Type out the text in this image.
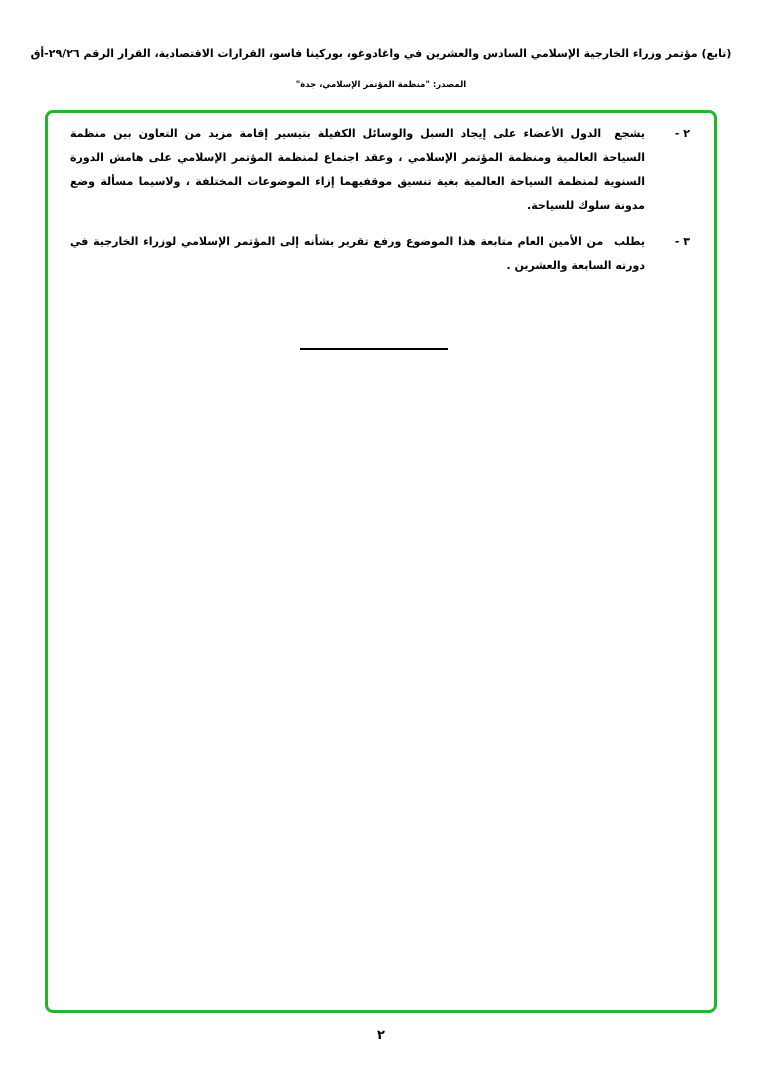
(تابع) مؤتمر وزراء الخارجية الإسلامي السادس والعشرين في واغادوغو، بوركينا فاسو، القرارات الاقتصادية، القرار الرقم ٢٩/٢٦-أق
المصدر: "منظمة المؤتمر الإسلامي، جدة"
٢ -
يشجع الدول الأعضاء على إيجاد السبل والوسائل الكفيلة بتيسير إقامة مزيد من التعاون بين منظمة السياحة العالمية ومنظمة المؤتمر الإسلامي ، وعقد اجتماع لمنظمة المؤتمر الإسلامي على هامش الدورة السنوية لمنظمة السياحة العالمية بغية تنسيق موقفيهما إزاء الموضوعات المختلفة ، ولاسيما مسألة وضع مدونة سلوك للسياحة.
٣ -
يطلب من الأمين العام متابعة هذا الموضوع ورفع تقرير بشأنه إلى المؤتمر الإسلامي لوزراء الخارجية في دورته السابعة والعشرين .
٢
